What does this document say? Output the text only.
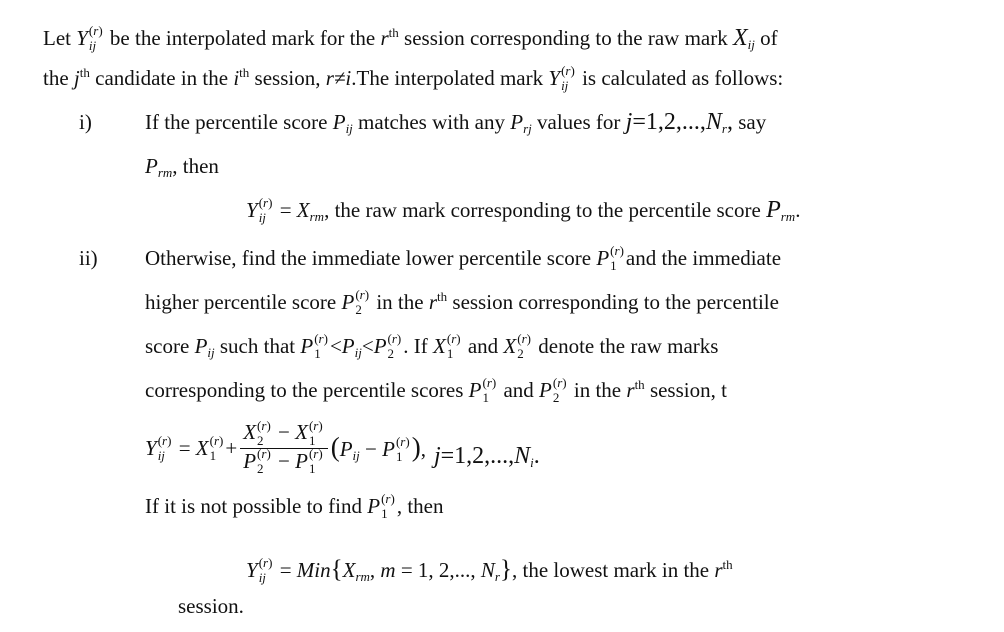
Let Y (r)
ij be the interpolated mark for the $r^{th}$ session corresponding to the raw mark $X_{ij}$ of
the $j^{th}$ candidate in the $i^{th}$ session, r≠i.The interpolated mark Y (r)
ij is calculated as follows:
i)	If the percentile score $P_{ij}$ matches with any $P_{rj}$ values for $j=1,2,...,N_r$, say
$P_{rm}$, then
Y (r)
ij = $X_{rm}$, the raw mark corresponding to the percentile score $P_{rm}$.
ii) Otherwise, find the immediate lower percentile score P (r)
1 and the immediate
higher percentile score P (r)
2 in the $r^{th}$ session corresponding to the percentile
score $P_{ij}$ such that P (r)
$1 <P_{ij}<P$ (r)
2 . If X (r)
1 and X (r)
2 denote the raw marks
corresponding to the percentile scores P (r)
1 and P (r)
2 in the $r^{th}$ session, t
Y (r)
ij = X (r)
1 + X (r)
2 − X (r)
1
P (r)
2 − P (r)
1 ($P_{ij} - P$ (r)
1 ), $j=1,2,...,N_i$.
If it is not possible to find P (r)
1 , then
Y (r)
ij = $Min\{X_{rm}$, m = 1, 2,..., $N_r$}, the lowest mark in the $r^{th}$
session.
